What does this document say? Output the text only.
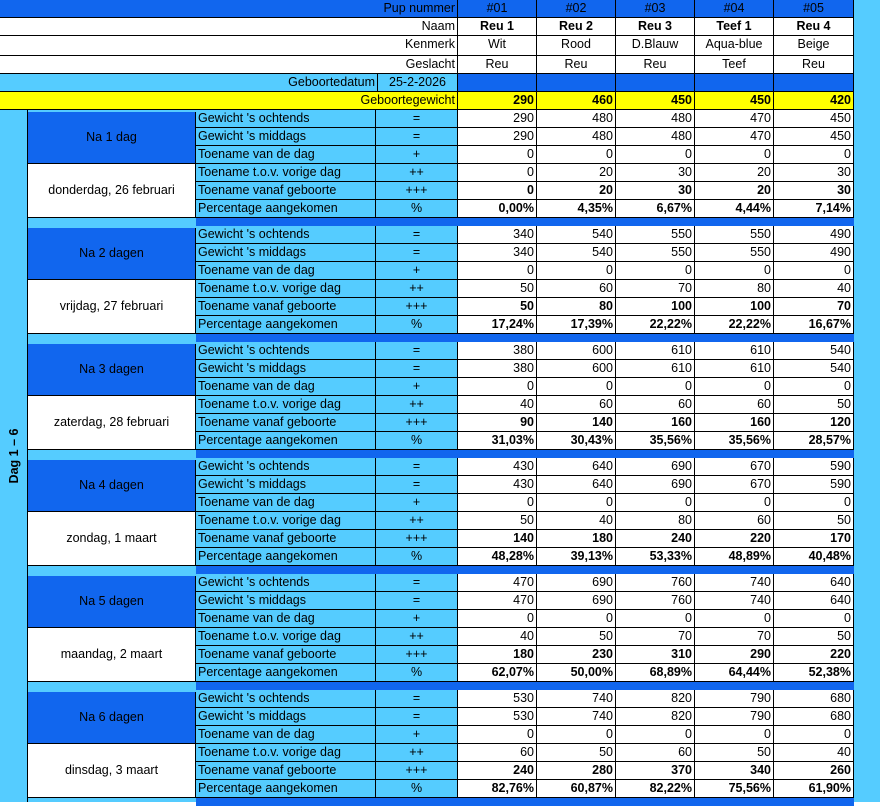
Pup nummer	#01	#02	#03	#04	#05
Naam	Reu 1	Reu 2	Reu 3	Teef 1	Reu 4
Kenmerk	Wit	Rood	D.Blauw	Aqua-blue	Beige
Geslacht	Reu	Reu	Reu	Teef	Reu
Geboortedatum	25-2-2026
Geboortegewicht	290	460	450	450	420
Dag 1 – 6
Na 1 dag
donderdag, 26 februari
Gewicht 's ochtends	=	290	480	480	470	450
Gewicht 's middags	=	290	480	480	470	450
Toename van de dag	+	0	0	0	0	0
Toename t.o.v. vorige dag	++	0	20	30	20	30
Toename vanaf geboorte	+++	0	20	30	20	30
Percentage aangekomen	%	0,00%	4,35%	6,67%	4,44%	7,14%
Na 2 dagen
vrijdag, 27 februari
Gewicht 's ochtends	=	340	540	550	550	490
Gewicht 's middags	=	340	540	550	550	490
Toename van de dag	+	0	0	0	0	0
Toename t.o.v. vorige dag	++	50	60	70	80	40
Toename vanaf geboorte	+++	50	80	100	100	70
Percentage aangekomen	%	17,24%	17,39%	22,22%	22,22%	16,67%
Na 3 dagen
zaterdag, 28 februari
Gewicht 's ochtends	=	380	600	610	610	540
Gewicht 's middags	=	380	600	610	610	540
Toename van de dag	+	0	0	0	0	0
Toename t.o.v. vorige dag	++	40	60	60	60	50
Toename vanaf geboorte	+++	90	140	160	160	120
Percentage aangekomen	%	31,03%	30,43%	35,56%	35,56%	28,57%
Na 4 dagen
zondag, 1 maart
Gewicht 's ochtends	=	430	640	690	670	590
Gewicht 's middags	=	430	640	690	670	590
Toename van de dag	+	0	0	0	0	0
Toename t.o.v. vorige dag	++	50	40	80	60	50
Toename vanaf geboorte	+++	140	180	240	220	170
Percentage aangekomen	%	48,28%	39,13%	53,33%	48,89%	40,48%
Na 5 dagen
maandag, 2 maart
Gewicht 's ochtends	=	470	690	760	740	640
Gewicht 's middags	=	470	690	760	740	640
Toename van de dag	+	0	0	0	0	0
Toename t.o.v. vorige dag	++	40	50	70	70	50
Toename vanaf geboorte	+++	180	230	310	290	220
Percentage aangekomen	%	62,07%	50,00%	68,89%	64,44%	52,38%
Na 6 dagen
dinsdag, 3 maart
Gewicht 's ochtends	=	530	740	820	790	680
Gewicht 's middags	=	530	740	820	790	680
Toename van de dag	+	0	0	0	0	0
Toename t.o.v. vorige dag	++	60	50	60	50	40
Toename vanaf geboorte	+++	240	280	370	340	260
Percentage aangekomen	%	82,76%	60,87%	82,22%	75,56%	61,90%
